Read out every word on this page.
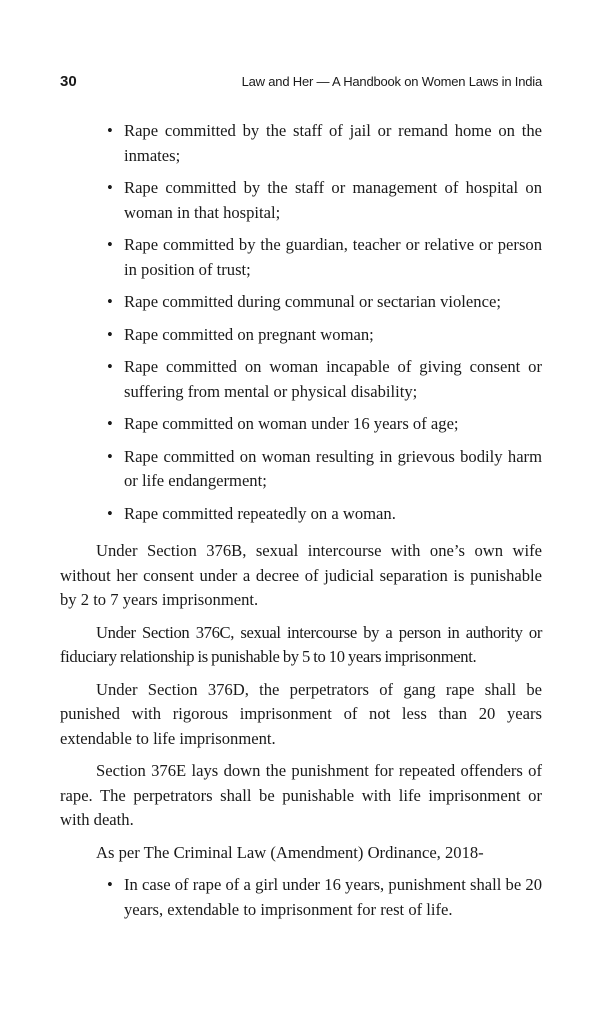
30	Law and Her — A Handbook on Women Laws in India
• Rape committed by the staff of jail or remand home on the inmates;
• Rape committed by the staff or management of hospital on woman in that hospital;
• Rape committed by the guardian, teacher or relative or person in position of trust;
• Rape committed during communal or sectarian violence;
• Rape committed on pregnant woman;
• Rape committed on woman incapable of giving consent or suffering from mental or physical disability;
• Rape committed on woman under 16 years of age;
• Rape committed on woman resulting in grievous bodily harm or life endangerment;
• Rape committed repeatedly on a woman.

Under Section 376B, sexual intercourse with one’s own wife without her consent under a decree of judicial separation is punishable by 2 to 7 years imprisonment.

Under Section 376C, sexual intercourse by a person in authority or fiduciary relationship is punishable by 5 to 10 years imprisonment.

Under Section 376D, the perpetrators of gang rape shall be punished with rigorous imprisonment of not less than 20 years extendable to life imprisonment.

Section 376E lays down the punishment for repeated offenders of rape. The perpetrators shall be punishable with life imprisonment or with death.

As per The Criminal Law (Amendment) Ordinance, 2018-

• In case of rape of a girl under 16 years, punishment shall be 20 years, extendable to imprisonment for rest of life.
